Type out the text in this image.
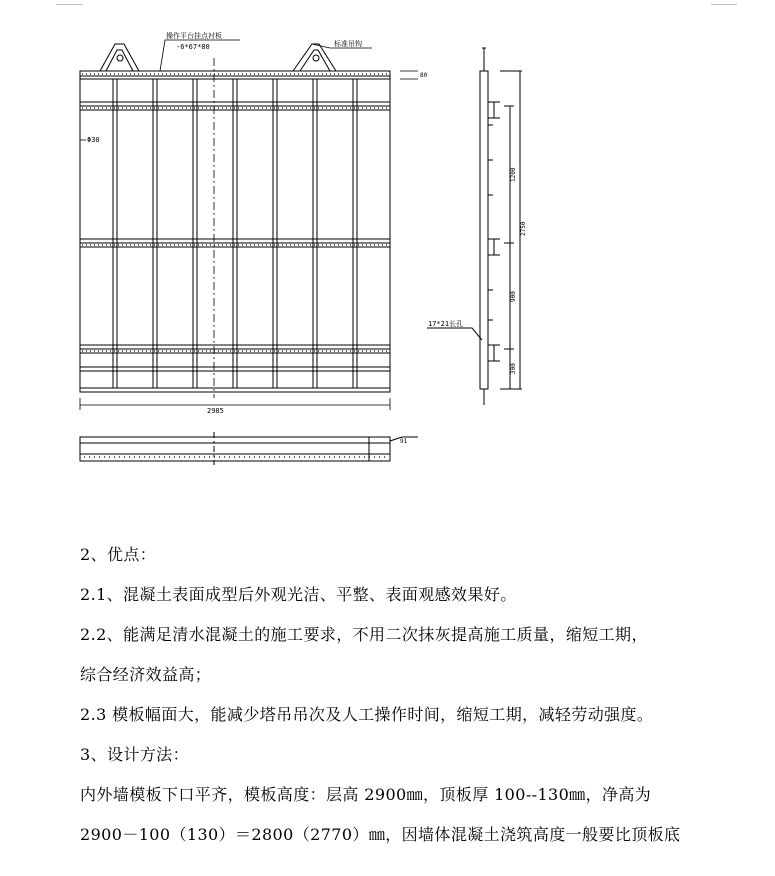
操作平台挂点衬板
-6*67*80	标准吊钩
Φ30
2985
17*21长孔
80
91
1200
2750
900
300
2、优点：
2.1、混凝土表面成型后外观光洁、平整、表面观感效果好。
2.2、能满足清水混凝土的施工要求，不用二次抹灰提高施工质量，缩短工期，
综合经济效益高；
2.3 模板幅面大，能减少塔吊吊次及人工操作时间，缩短工期，减轻劳动强度。
3、设计方法：
内外墙模板下口平齐，模板高度：层高 2900㎜，顶板厚 100--130㎜，净高为
2900－100（130）＝2800（2770）㎜，因墙体混凝土浇筑高度一般要比顶板底
